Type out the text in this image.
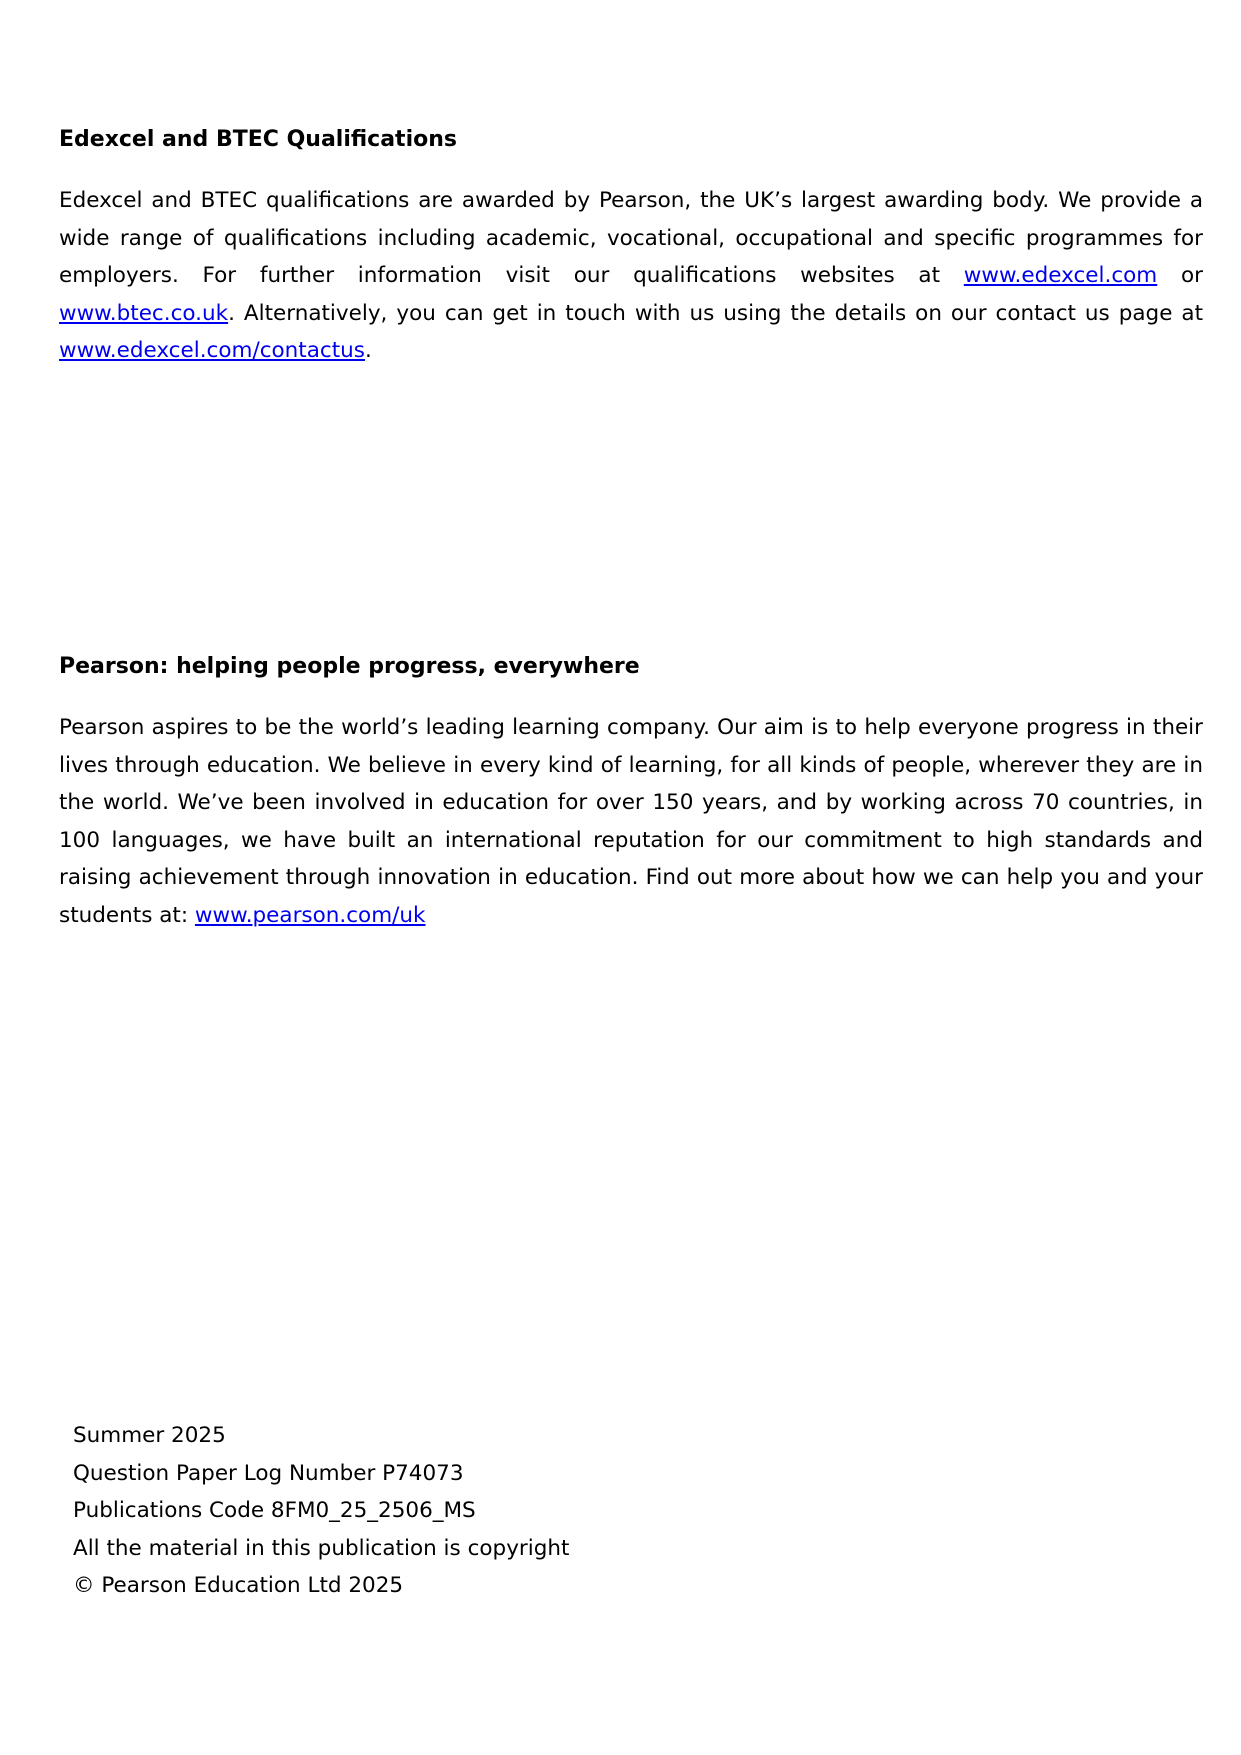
Edexcel and BTEC Qualifications

Edexcel and BTEC qualifications are awarded by Pearson, the UK’s largest awarding body. We provide a wide range of qualifications including academic, vocational, occupational and specific programmes for employers. For further information visit our qualifications websites at www.edexcel.com or www.btec.co.uk. Alternatively, you can get in touch with us using the details on our contact us page at www.edexcel.com/contactus.

Pearson: helping people progress, everywhere

Pearson aspires to be the world’s leading learning company. Our aim is to help everyone progress in their lives through education. We believe in every kind of learning, for all kinds of people, wherever they are in the world. We’ve been involved in education for over 150 years, and by working across 70 countries, in 100 languages, we have built an international reputation for our commitment to high standards and raising achievement through innovation in education. Find out more about how we can help you and your students at: www.pearson.com/uk

Summer 2025
Question Paper Log Number P74073
Publications Code 8FM0_25_2506_MS
All the material in this publication is copyright
© Pearson Education Ltd 2025
